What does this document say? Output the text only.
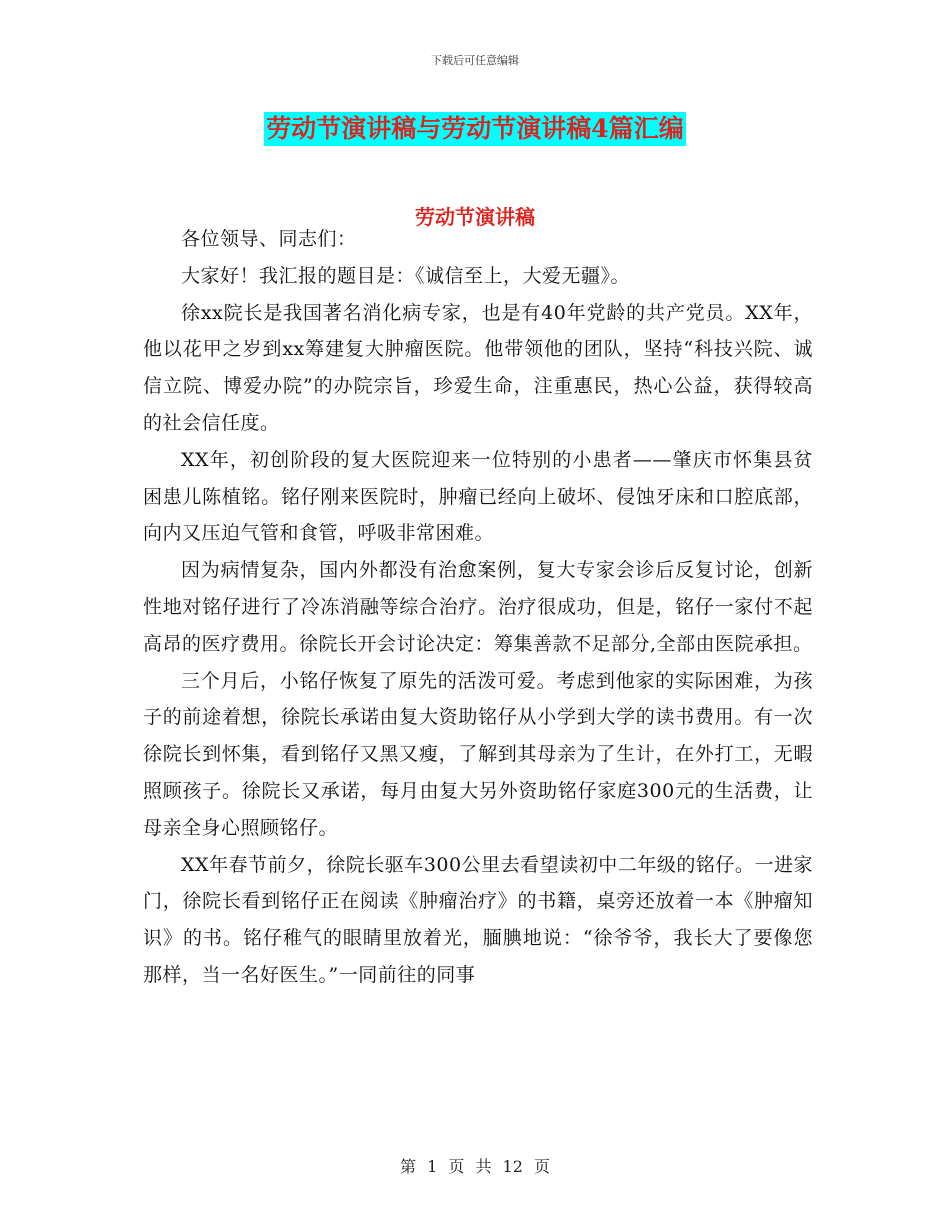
下载后可任意编辑
劳动节演讲稿与劳动节演讲稿4篇汇编
劳动节演讲稿

各位领导、同志们：

大家好！我汇报的题目是：《诚信至上，大爱无疆》。

徐xx院长是我国著名消化病专家，也是有40年党龄的共产党员。XX年，他以花甲之岁到xx筹建复大肿瘤医院。他带领他的团队，坚持“科技兴院、诚信立院、博爱办院”的办院宗旨，珍爱生命，注重惠民，热心公益，获得较高的社会信任度。

XX年，初创阶段的复大医院迎来一位特别的小患者——肇庆市怀集县贫困患儿陈植铭。铭仔刚来医院时，肿瘤已经向上破坏、侵蚀牙床和口腔底部，向内又压迫气管和食管，呼吸非常困难。

因为病情复杂，国内外都没有治愈案例，复大专家会诊后反复讨论，创新性地对铭仔进行了冷冻消融等综合治疗。治疗很成功，但是，铭仔一家付不起高昂的医疗费用。徐院长开会讨论决定：筹集善款不足部分,全部由医院承担。

三个月后，小铭仔恢复了原先的活泼可爱。考虑到他家的实际困难，为孩子的前途着想，徐院长承诺由复大资助铭仔从小学到大学的读书费用。有一次徐院长到怀集，看到铭仔又黑又瘦，了解到其母亲为了生计，在外打工，无暇照顾孩子。徐院长又承诺，每月由复大另外资助铭仔家庭300元的生活费，让母亲全身心照顾铭仔。

XX年春节前夕，徐院长驱车300公里去看望读初中二年级的铭仔。一进家门，徐院长看到铭仔正在阅读《肿瘤治疗》的书籍，桌旁还放着一本《肿瘤知识》的书。铭仔稚气的眼睛里放着光，腼腆地说：“徐爷爷，我长大了要像您那样，当一名好医生。”一同前往的同事

第 1 页 共 12 页
